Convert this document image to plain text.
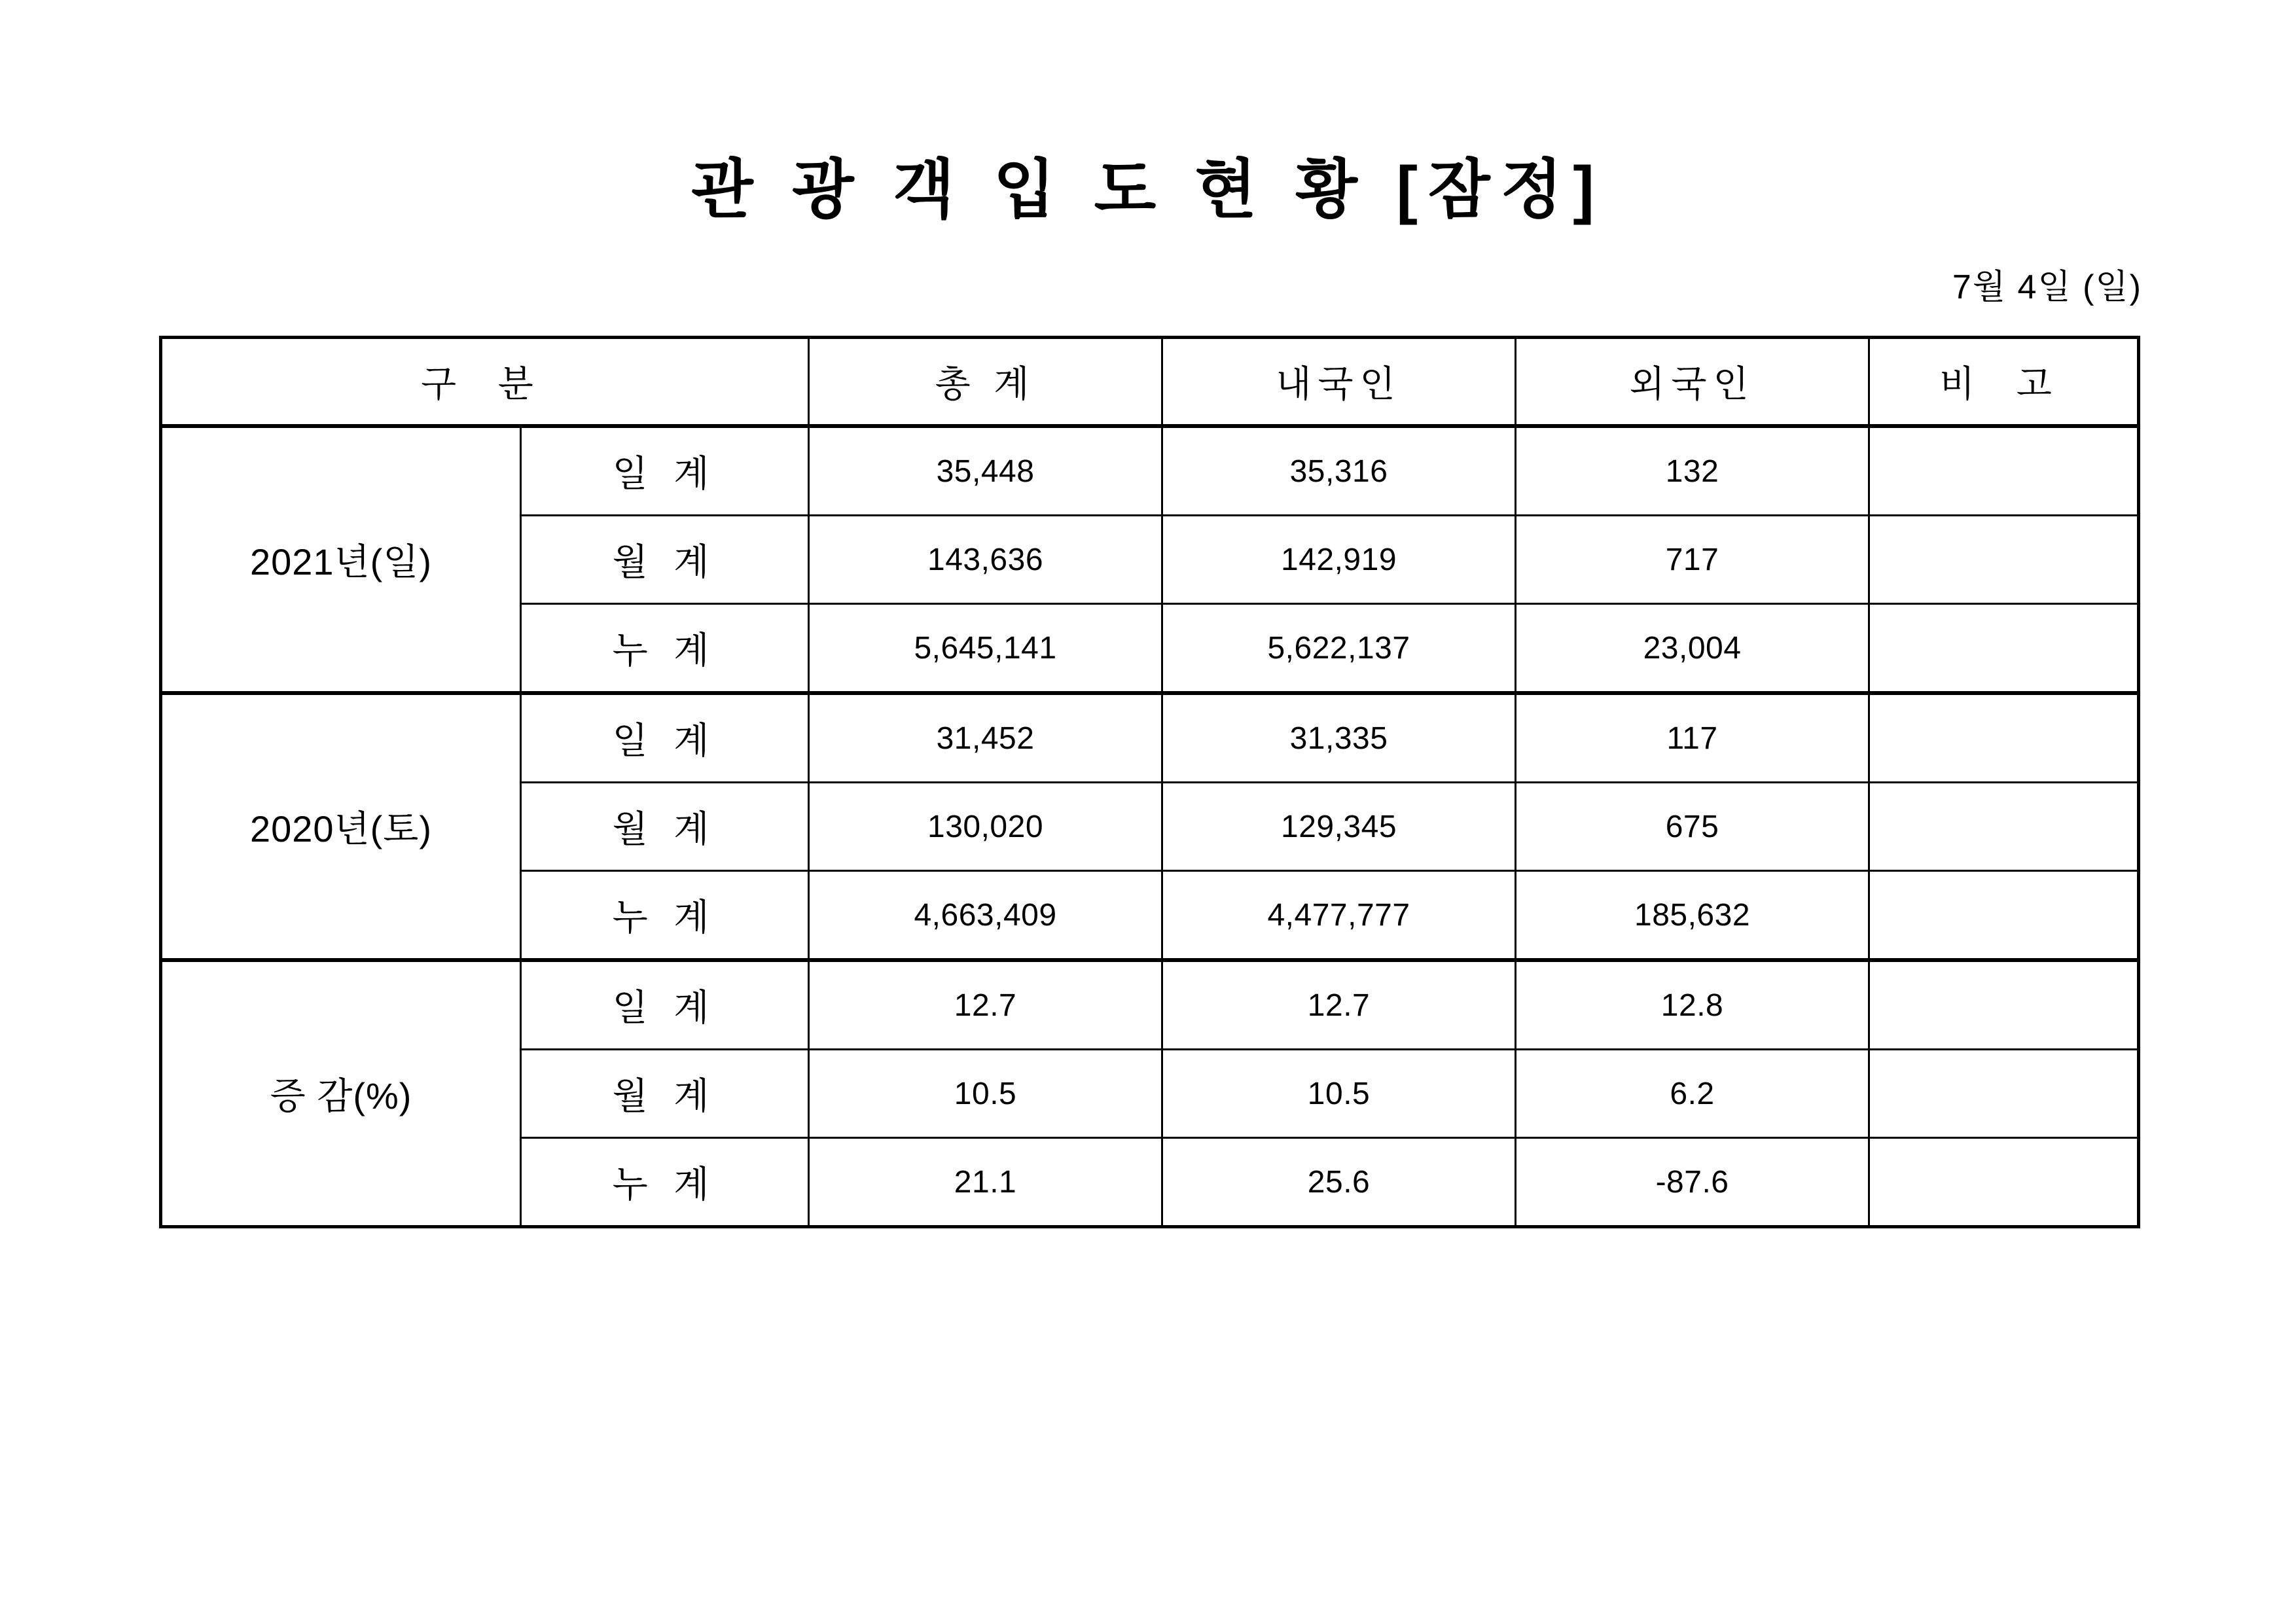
관 광 객 입 도 현 황 [잠정]
7월 4일 (일)
구 분		총 계	내국인	외국인	비 고
2021년(일)	일 계	35,448	35,316	132	
	월 계	143,636	142,919	717	
	누 계	5,645,141	5,622,137	23,004	
2020년(토)	일 계	31,452	31,335	117	
	월 계	130,020	129,345	675	
	누 계	4,663,409	4,477,777	185,632	
증 감(%)	일 계	12.7	12.7	12.8	
	월 계	10.5	10.5	6.2	
	누 계	21.1	25.6	-87.6	
